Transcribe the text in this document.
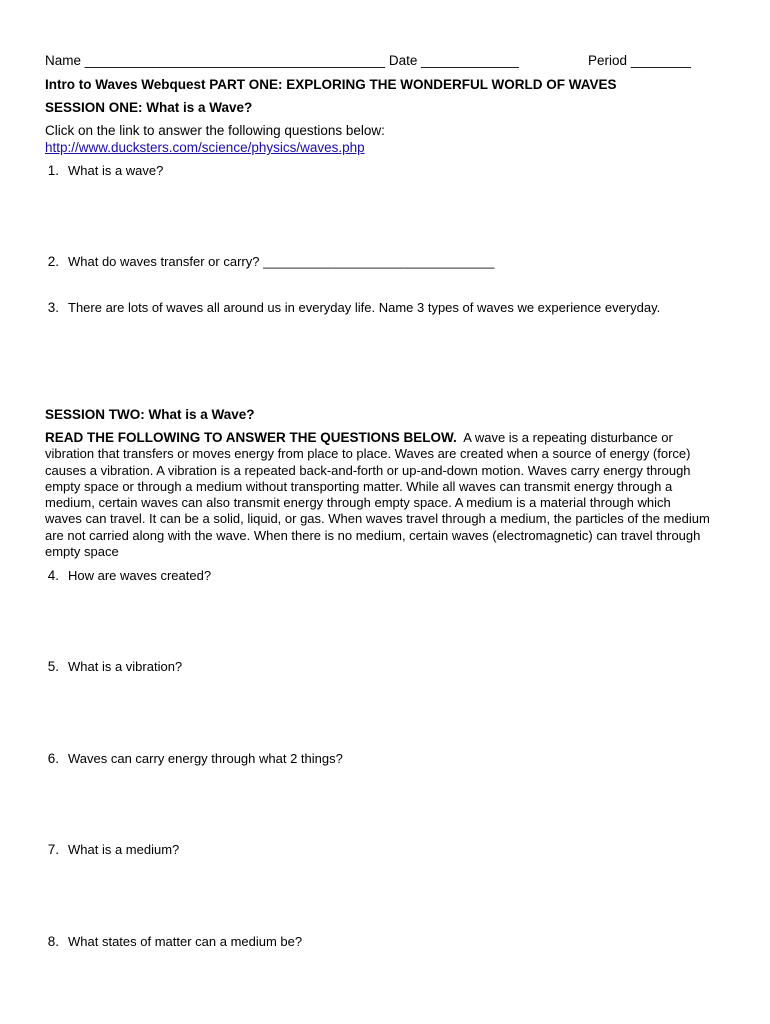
Name ________________________________________ Date _____________	Period ________
Intro to Waves Webquest PART ONE: EXPLORING THE WONDERFUL WORLD OF WAVES
SESSION ONE: What is a Wave?
Click on the link to answer the following questions below:
http://www.ducksters.com/science/physics/waves.php
1. What is a wave?
2. What do waves transfer or carry? ________________________________
3. There are lots of waves all around us in everyday life. Name 3 types of waves we experience everyday.
SESSION TWO: What is a Wave?
READ THE FOLLOWING TO ANSWER THE QUESTIONS BELOW. A wave is a repeating disturbance or vibration that transfers or moves energy from place to place. Waves are created when a source of energy (force) causes a vibration. A vibration is a repeated back-and-forth or up-and-down motion. Waves carry energy through empty space or through a medium without transporting matter. While all waves can transmit energy through a medium, certain waves can also transmit energy through empty space. A medium is a material through which waves can travel. It can be a solid, liquid, or gas. When waves travel through a medium, the particles of the medium are not carried along with the wave. When there is no medium, certain waves (electromagnetic) can travel through empty space
4. How are waves created?
5. What is a vibration?
6. Waves can carry energy through what 2 things?
7. What is a medium?
8. What states of matter can a medium be?
